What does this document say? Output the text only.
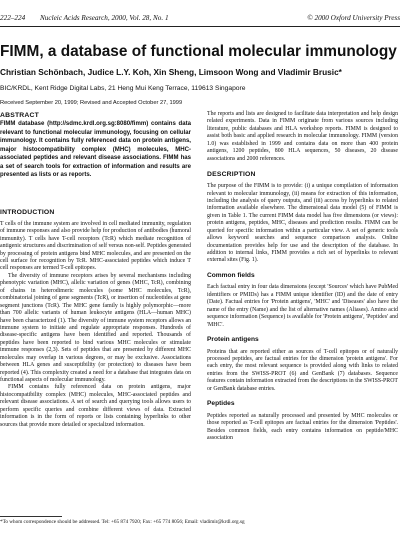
222–224 Nucleic Acids Research, 2000, Vol. 28, No. 1	© 2000 Oxford University Press
FIMM, a database of functional molecular immunology
Christian Schönbach, Judice L.Y. Koh, Xin Sheng, Limsoon Wong and Vladimir Brusic*
BIC/KRDL, Kent Ridge Digital Labs, 21 Heng Mui Keng Terrace, 119613 Singapore
Received September 20, 1999; Revised and Accepted October 27, 1999

ABSTRACT

FIMM database (http://sdmc.krdl.org.sg:8080/fimm) contains data relevant to functional molecular immunology, focusing on cellular immunology. It contains fully referenced data on protein antigens, major histocompatibility complex (MHC) molecules, MHC-associated peptides and relevant disease associations. FIMM has a set of search tools for extraction of information and results are presented as lists or as reports.

INTRODUCTION

T cells of the immune system are involved in cell mediated immunity, regulation of immune responses and also provide help for production of antibodies (humoral immunity). T cells have T-cell receptors (TcR) which mediate recognition of antigenic structures and discrimination of self versus non-self. Peptides generated by processing of protein antigens bind MHC molecules, and are presented on the cell surface for recognition by TcR. MHC-associated peptides which induce T cell responses are termed T-cell epitopes.

The diversity of immune receptors arises by several mechanisms including phenotypic variation (MHC), allelic variation of genes (MHC, TcR), combining of chains in heterodimeric molecules (some MHC molecules, TcR), combinatorial joining of gene segments (TcR), or insertion of nucleotides at gene segment junctions (TcR). The MHC gene family is highly polymorphic—more than 700 allelic variants of human leukocyte antigens (HLA—human MHC) have been characterized (1). The diversity of immune system receptors allows an immune system to initiate and regulate appropriate responses. Hundreds of disease-specific antigens have been identified and reported. Thousands of peptides have been reported to bind various MHC molecules or stimulate immune responses (2,3). Sets of peptides that are presented by different MHC molecules may overlap in various degrees, or may be exclusive. Associations between HLA genes and susceptibility (or protection) to diseases have been reported (4). This complexity created a need for a database that integrates data on functional aspects of molecular immunology.

FIMM contains fully referenced data on protein antigens, major histocompatibility complex (MHC) molecules, MHC-associated peptides and relevant disease associations. A set of search and querying tools allows users to perform specific queries and combine different views of data. Extracted information is in the form of reports or lists containing hyperlinks to other sources that provide more detailed or specialized information.

The reports and lists are designed to facilitate data interpretation and help design related experiments. Data in FIMM originate from various sources including literature, public databases and HLA workshop reports. FIMM is designed to assist both basic and applied research in molecular immunology. FIMM (version 1.0) was established in 1999 and contains data on more than 400 protein antigens, 1200 peptides, 800 HLA sequences, 50 diseases, 20 disease associations and 2000 references.

DESCRIPTION

The purpose of the FIMM is to provide: (i) a unique compilation of information relevant to molecular immunology, (ii) means for extraction of this information, including the analysis of query outputs, and (iii) access by hyperlinks to related information available elsewhere. The dimensional data model (5) of FIMM is given in Table 1. The current FIMM data model has five dimensions (or views): protein antigens, peptides, MHC, diseases and prediction results. FIMM can be queried for specific information within a particular view. A set of generic tools allows keyword searches and sequence comparison analysis. Online documentation provides help for use and the description of the database. In addition to internal links, FIMM provides a rich set of hyperlinks to relevant external sites (Fig. 1).

Common fields

Each factual entry in four data dimensions (except 'Sources' which have PubMed identifiers or PMIDs) has a FIMM unique identifier (ID) and the date of entry (Date). Factual entries for 'Protein antigens', 'MHC' and 'Diseases' also have the name of the entry (Name) and the list of alternative names (Aliases). Amino acid sequence information (Sequence) is available for 'Protein antigens', 'Peptides' and 'MHC'.

Protein antigens

Proteins that are reported either as sources of T-cell epitopes or of naturally processed peptides, are factual entries for the dimension 'protein antigens'. For each entry, the most relevant sequence is provided along with links to related entries from the SWISS-PROT (6) and GenBank (7) databases. Sequence features contain information extracted from the descriptions in the SWISS-PROT or GenBank database entries.

Peptides

Peptides reported as naturally processed and presented by MHC molecules or those reported as T-cell epitopes are factual entries for the dimension 'Peptides'. Besides common fields, each entry contains information on peptide/MHC association

*To whom correspondence should be addressed. Tel: +65 874 7920; Fax: +65 774 8056; Email: vladimir@krdl.org.sg
